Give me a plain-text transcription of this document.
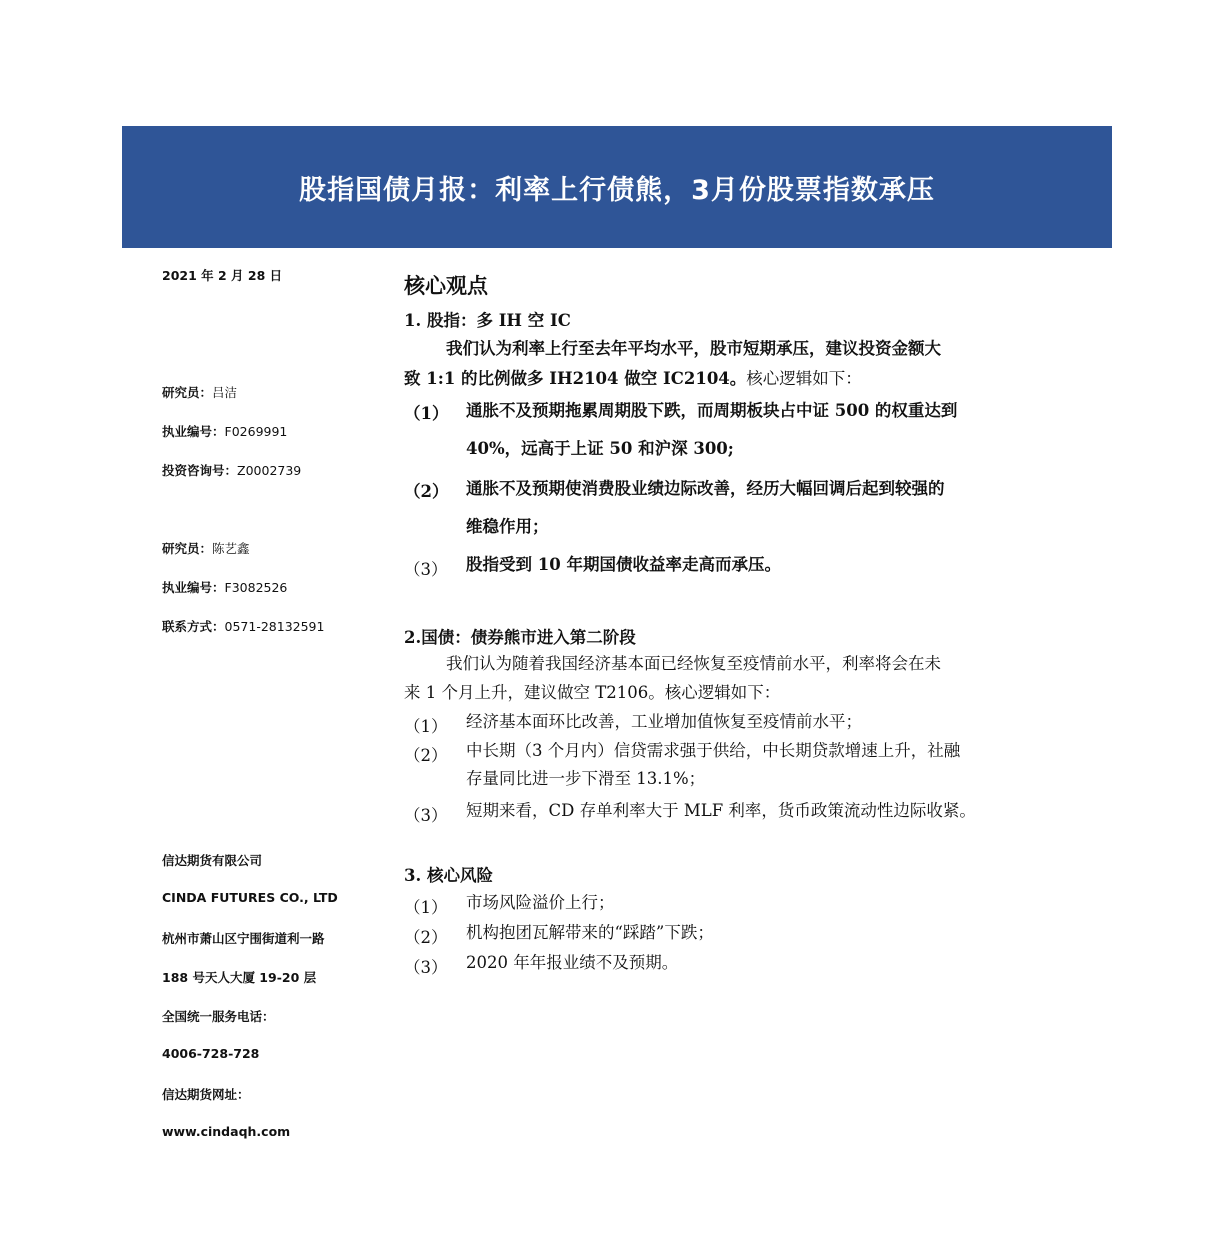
股指国债月报：利率上行债熊，3月份股票指数承压
2021 年 2 月 28 日
研究员：吕洁
执业编号：F0269991
投资咨询号：Z0002739
研究员：陈艺鑫
执业编号：F3082526
联系方式：0571-28132591
信达期货有限公司
CINDA FUTURES CO., LTD
杭州市萧山区宁围街道利一路
188 号天人大厦 19-20 层
全国统一服务电话：
4006-728-728
信达期货网址：
www.cindaqh.com
核心观点
1. 股指：多 IH 空 IC
我们认为利率上行至去年平均水平，股市短期承压，建议投资金额大
致 1:1 的比例做多 IH2104 做空 IC2104。核心逻辑如下：
（1） 通胀不及预期拖累周期股下跌，而周期板块占中证 500 的权重达到
40%，远高于上证 50 和沪深 300;
（2） 通胀不及预期使消费股业绩边际改善，经历大幅回调后起到较强的
维稳作用；
（3） 股指受到 10 年期国债收益率走高而承压。
2.国债：债券熊市进入第二阶段
我们认为随着我国经济基本面已经恢复至疫情前水平，利率将会在未
来 1 个月上升，建议做空 T2106。核心逻辑如下：
（1） 经济基本面环比改善，工业增加值恢复至疫情前水平；
（2） 中长期（3 个月内）信贷需求强于供给，中长期贷款增速上升，社融
存量同比进一步下滑至 13.1%；
（3） 短期来看，CD 存单利率大于 MLF 利率，货币政策流动性边际收紧。
3. 核心风险
（1） 市场风险溢价上行；
（2） 机构抱团瓦解带来的“踩踏”下跌；
（3） 2020 年年报业绩不及预期。
